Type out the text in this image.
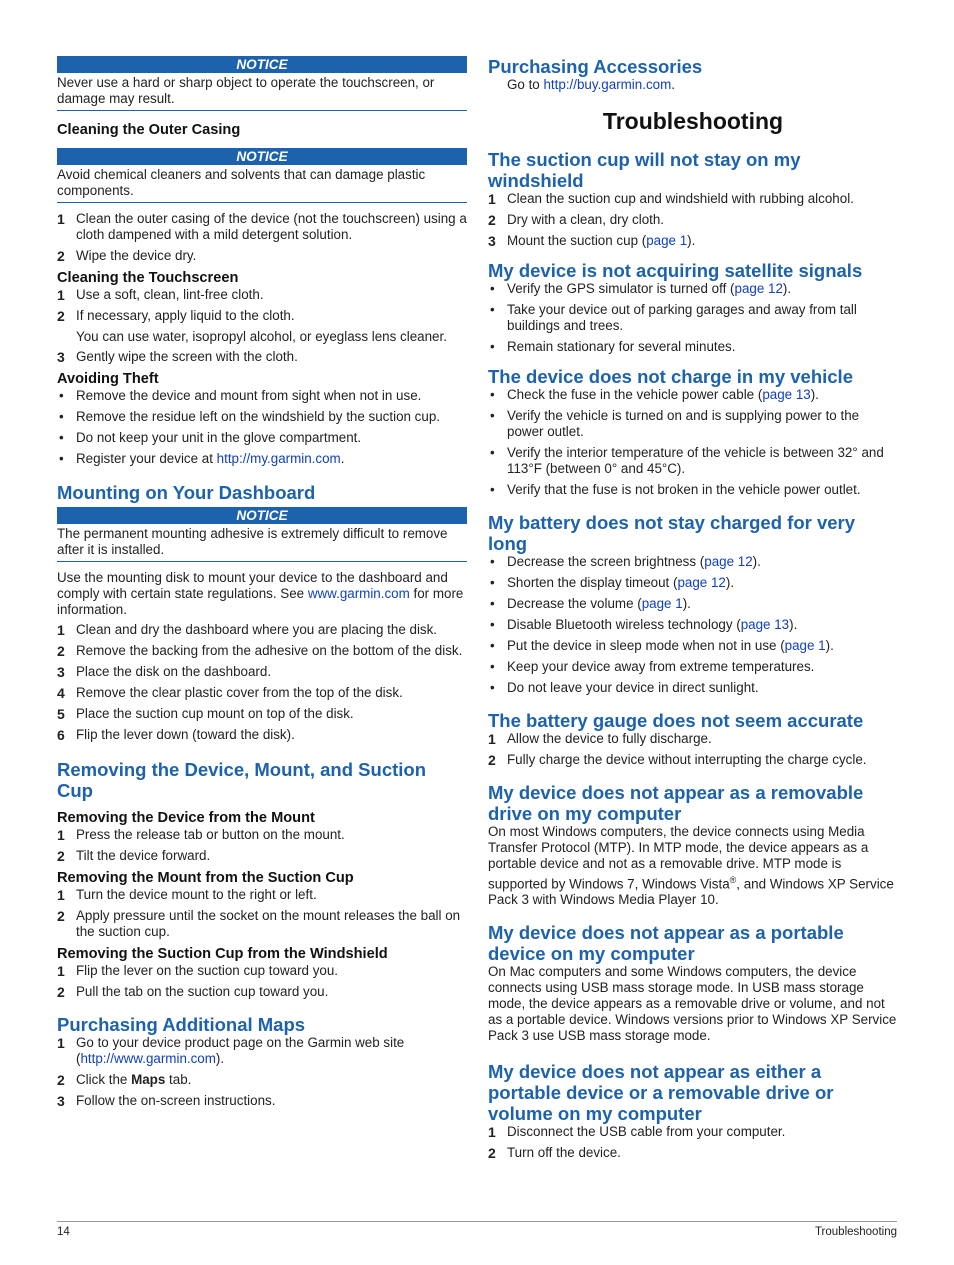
NOTICE
Never use a hard or sharp object to operate the touchscreen, or damage may result.
Cleaning the Outer Casing
NOTICE
Avoid chemical cleaners and solvents that can damage plastic components.
1 Clean the outer casing of the device (not the touchscreen) using a cloth dampened with a mild detergent solution.
2 Wipe the device dry.
Cleaning the Touchscreen
1 Use a soft, clean, lint-free cloth.
2 If necessary, apply liquid to the cloth.
You can use water, isopropyl alcohol, or eyeglass lens cleaner.
3 Gently wipe the screen with the cloth.
Avoiding Theft
• Remove the device and mount from sight when not in use.
• Remove the residue left on the windshield by the suction cup.
• Do not keep your unit in the glove compartment.
• Register your device at http://my.garmin.com.
Mounting on Your Dashboard
NOTICE
The permanent mounting adhesive is extremely difficult to remove after it is installed.

Use the mounting disk to mount your device to the dashboard and comply with certain state regulations. See www.garmin.com for more information.

1 Clean and dry the dashboard where you are placing the disk.
2 Remove the backing from the adhesive on the bottom of the disk.
3 Place the disk on the dashboard.
4 Remove the clear plastic cover from the top of the disk.
5 Place the suction cup mount on top of the disk.
6 Flip the lever down (toward the disk).
Removing the Device, Mount, and Suction Cup
Removing the Device from the Mount
1 Press the release tab or button on the mount.
2 Tilt the device forward.
Removing the Mount from the Suction Cup
1 Turn the device mount to the right or left.
2 Apply pressure until the socket on the mount releases the ball on the suction cup.
Removing the Suction Cup from the Windshield
1 Flip the lever on the suction cup toward you.
2 Pull the tab on the suction cup toward you.
Purchasing Additional Maps
1 Go to your device product page on the Garmin web site (http://www.garmin.com).
2 Click the Maps tab.
3 Follow the on-screen instructions.
Purchasing Accessories
Go to http://buy.garmin.com.
Troubleshooting
The suction cup will not stay on my windshield
1 Clean the suction cup and windshield with rubbing alcohol.
2 Dry with a clean, dry cloth.
3 Mount the suction cup (page 1).
My device is not acquiring satellite signals
• Verify the GPS simulator is turned off (page 12).
• Take your device out of parking garages and away from tall buildings and trees.
• Remain stationary for several minutes.
The device does not charge in my vehicle
• Check the fuse in the vehicle power cable (page 13).
• Verify the vehicle is turned on and is supplying power to the power outlet.
• Verify the interior temperature of the vehicle is between 32° and 113°F (between 0° and 45°C).
• Verify that the fuse is not broken in the vehicle power outlet.
My battery does not stay charged for very long
• Decrease the screen brightness (page 12).
• Shorten the display timeout (page 12).
• Decrease the volume (page 1).
• Disable Bluetooth wireless technology (page 13).
• Put the device in sleep mode when not in use (page 1).
• Keep your device away from extreme temperatures.
• Do not leave your device in direct sunlight.
The battery gauge does not seem accurate
1 Allow the device to fully discharge.
2 Fully charge the device without interrupting the charge cycle.
My device does not appear as a removable drive on my computer

On most Windows computers, the device connects using Media Transfer Protocol (MTP). In MTP mode, the device appears as a portable device and not as a removable drive. MTP mode is supported by Windows 7, Windows Vista®, and Windows XP Service Pack 3 with Windows Media Player 10.

My device does not appear as a portable device on my computer

On Mac computers and some Windows computers, the device connects using USB mass storage mode. In USB mass storage mode, the device appears as a removable drive or volume, and not as a portable device. Windows versions prior to Windows XP Service Pack 3 use USB mass storage mode.

My device does not appear as either a portable device or a removable drive or volume on my computer
1 Disconnect the USB cable from your computer.
2 Turn off the device.
14	Troubleshooting
